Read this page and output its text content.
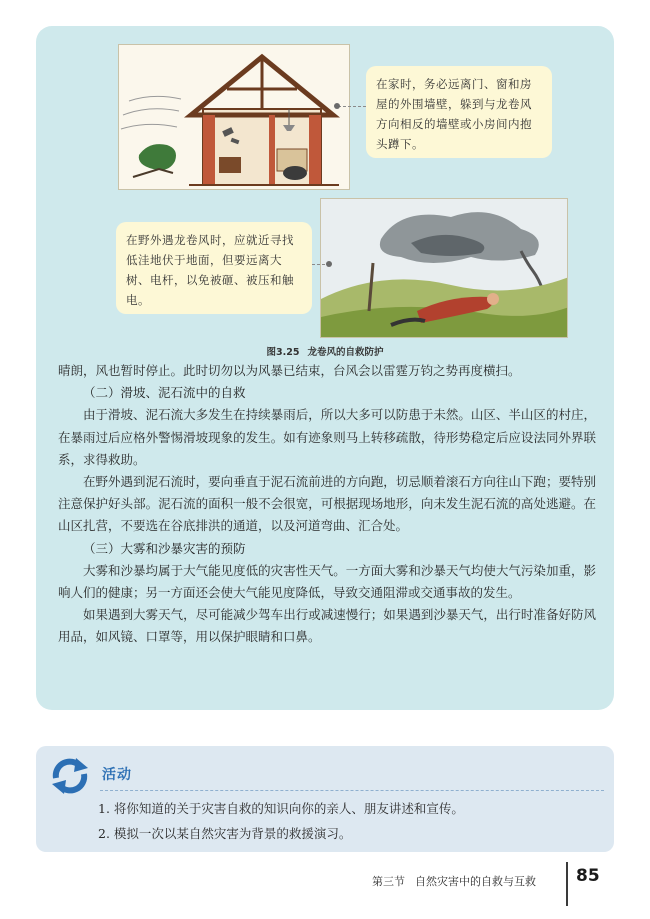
在家时，务必远离门、窗和房屋的外围墙壁，躲到与龙卷风方向相反的墙壁或小房间内抱头蹲下。
在野外遇龙卷风时，应就近寻找低洼地伏于地面，但要远离大树、电杆，以免被砸、被压和触电。
图3.25 龙卷风的自救防护

晴朗，风也暂时停止。此时切勿以为风暴已结束，台风会以雷霆万钧之势再度横扫。

（二）滑坡、泥石流中的自救

由于滑坡、泥石流大多发生在持续暴雨后，所以大多可以防患于未然。山区、半山区的村庄，在暴雨过后应格外警惕滑坡现象的发生。如有迹象则马上转移疏散，待形势稳定后应设法同外界联系，求得救助。

在野外遇到泥石流时，要向垂直于泥石流前进的方向跑，切忌顺着滚石方向往山下跑；要特别注意保护好头部。泥石流的面积一般不会很宽，可根据现场地形，向未发生泥石流的高处逃避。在山区扎营，不要选在谷底排洪的通道，以及河道弯曲、汇合处。

（三）大雾和沙暴灾害的预防

大雾和沙暴均属于大气能见度低的灾害性天气。一方面大雾和沙暴天气均使大气污染加重，影响人们的健康；另一方面还会使大气能见度降低，导致交通阻滞或交通事故的发生。

如果遇到大雾天气，尽可能减少驾车出行或减速慢行；如果遇到沙暴天气，出行时准备好防风用品，如风镜、口罩等，用以保护眼睛和口鼻。

活动
1. 将你知道的关于灾害自救的知识向你的亲人、朋友讲述和宣传。
2. 模拟一次以某自然灾害为背景的救援演习。
第三节 自然灾害中的自救与互救 85
